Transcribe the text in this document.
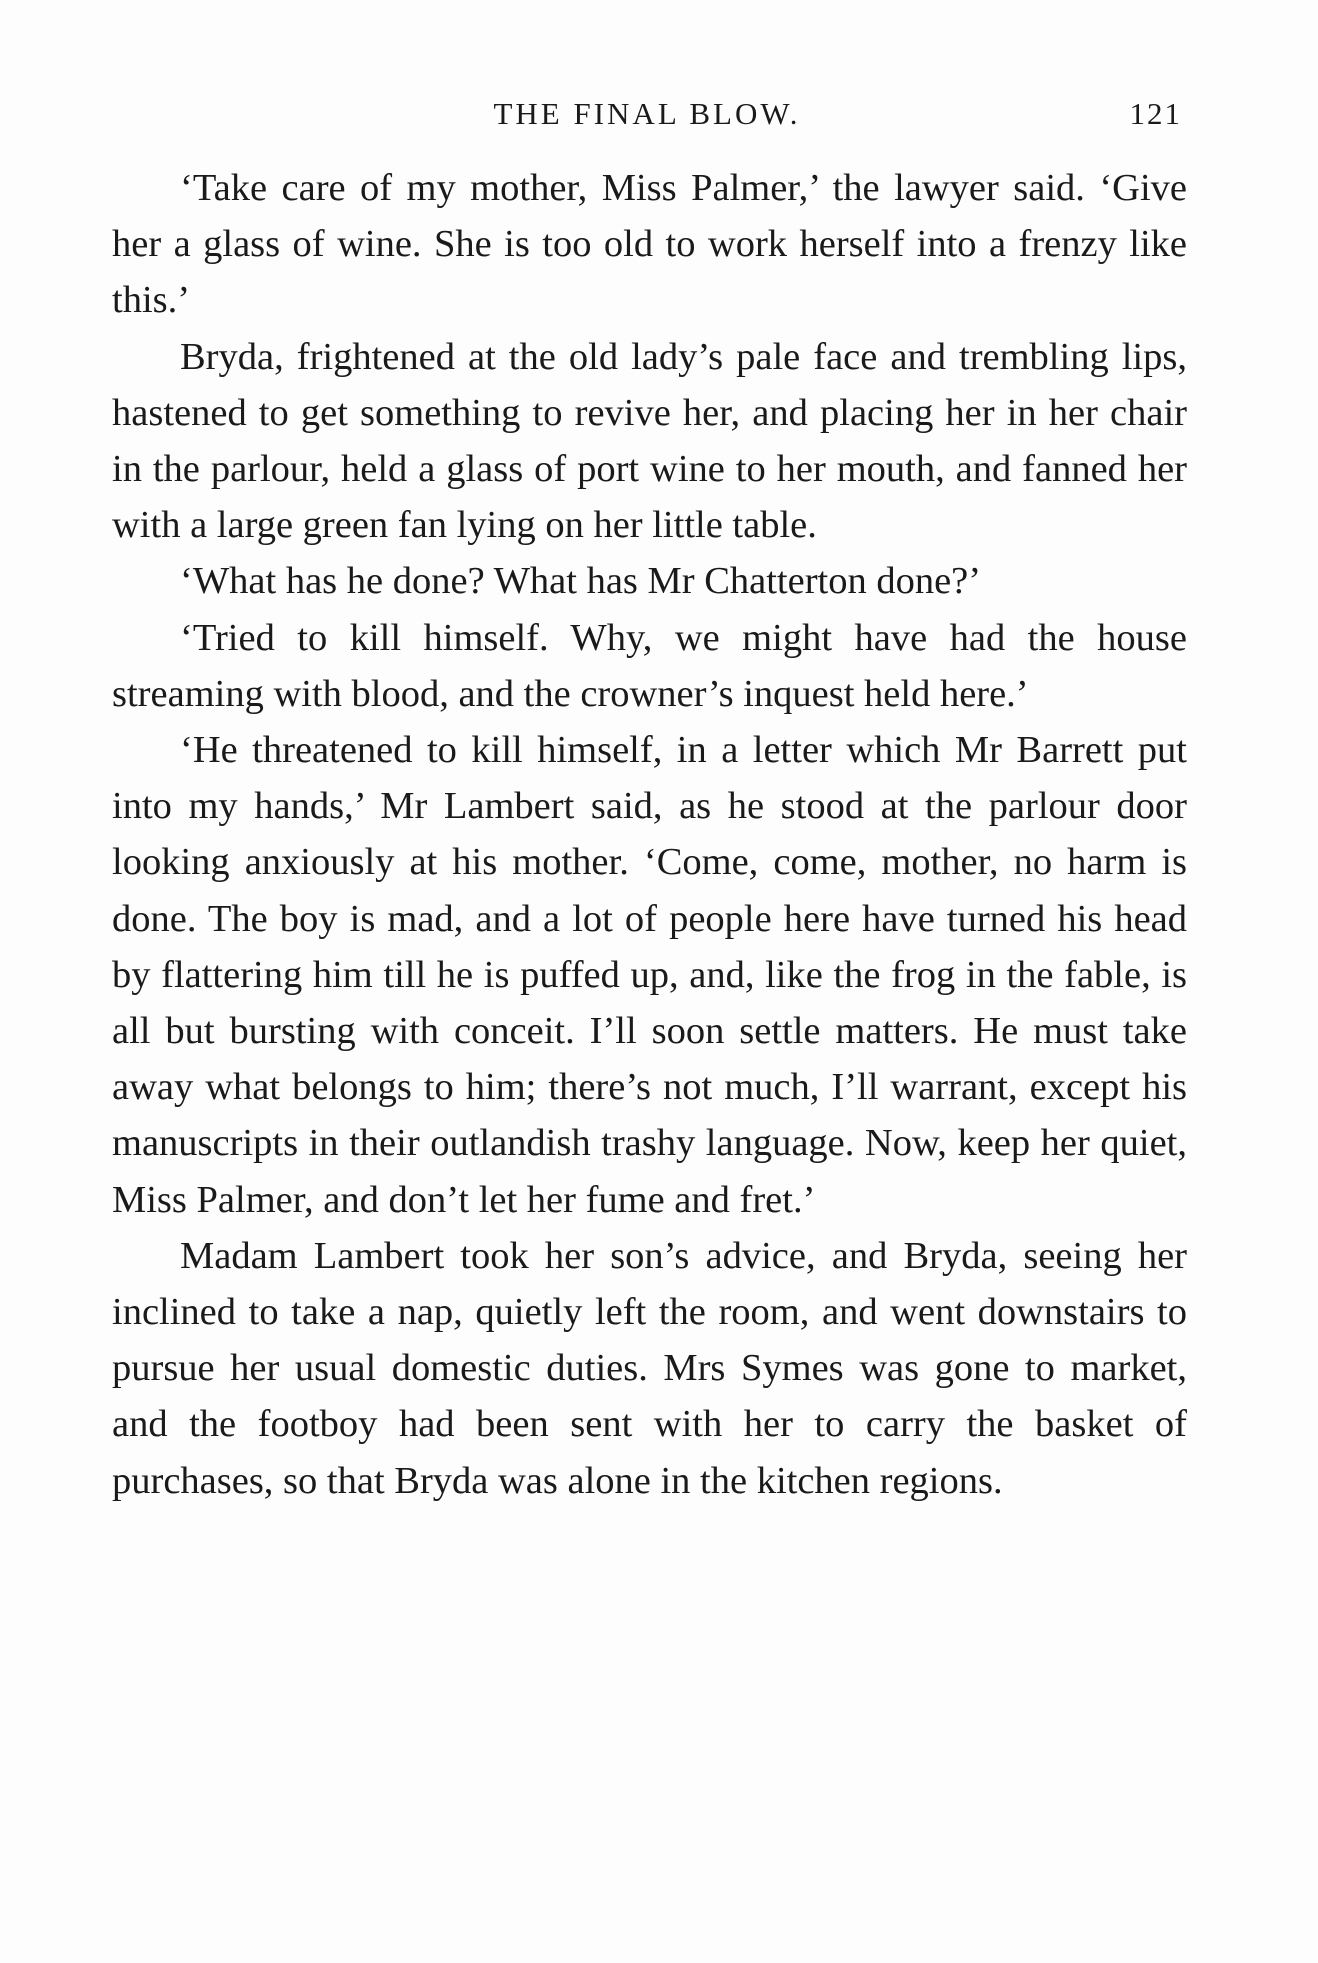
THE FINAL BLOW.	121

‘Take care of my mother, Miss Palmer,’ the lawyer said. ‘Give her a glass of wine. She is too old to work herself into a frenzy like this.’

Bryda, frightened at the old lady’s pale face and trembling lips, hastened to get something to revive her, and placing her in her chair in the parlour, held a glass of port wine to her mouth, and fanned her with a large green fan lying on her little table.

‘What has he done? What has Mr Chatterton done?’

‘Tried to kill himself. Why, we might have had the house streaming with blood, and the crowner’s inquest held here.’

‘He threatened to kill himself, in a letter which Mr Barrett put into my hands,’ Mr Lambert said, as he stood at the parlour door looking anxiously at his mother. ‘Come, come, mother, no harm is done. The boy is mad, and a lot of people here have turned his head by flattering him till he is puffed up, and, like the frog in the fable, is all but bursting with conceit. I’ll soon settle matters. He must take away what belongs to him; there’s not much, I’ll warrant, except his manuscripts in their outlandish trashy language. Now, keep her quiet, Miss Palmer, and don’t let her fume and fret.’

Madam Lambert took her son’s advice, and Bryda, seeing her inclined to take a nap, quietly left the room, and went downstairs to pursue her usual domestic duties. Mrs Symes was gone to market, and the footboy had been sent with her to carry the basket of purchases, so that Bryda was alone in the kitchen regions.
